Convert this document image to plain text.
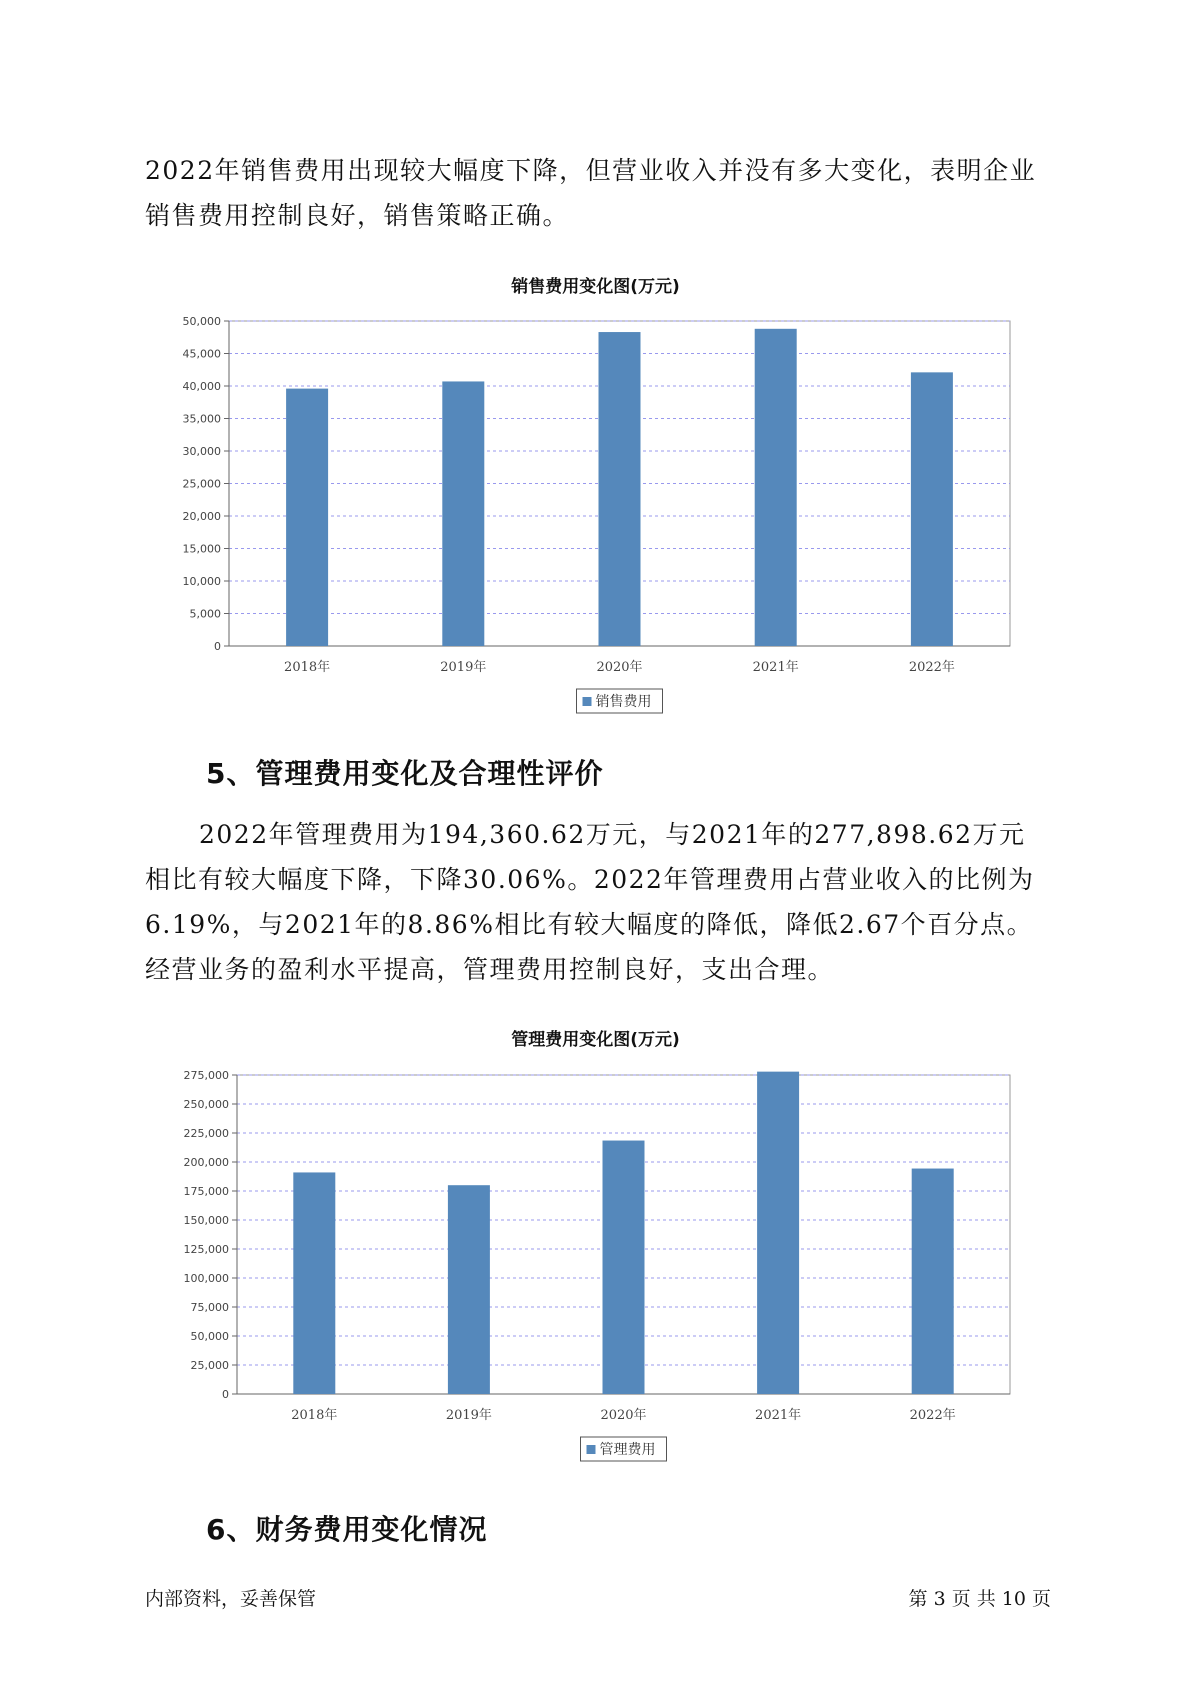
2022年销售费用出现较大幅度下降，但营业收入并没有多大变化，表明企业销售费用控制良好，销售策略正确。

销售费用变化图(万元)
0
5,000
10,000
15,000
20,000
25,000
30,000
35,000
40,000
45,000
50,000
2018年	2019年	2020年	2021年	2022年
销售费用
5、管理费用变化及合理性评价

2022年管理费用为194,360.62万元，与2021年的277,898.62万元相比有较大幅度下降，下降30.06%。2022年管理费用占营业收入的比例为6.19%，与2021年的8.86%相比有较大幅度的降低，降低2.67个百分点。经营业务的盈利水平提高，管理费用控制良好，支出合理。

管理费用变化图(万元)
0
25,000
50,000
75,000
100,000
125,000
150,000
175,000
200,000
225,000
250,000
275,000
2018年	2019年	2020年	2021年	2022年
管理费用
6、财务费用变化情况
内部资料，妥善保管	第 3 页 共 10 页
